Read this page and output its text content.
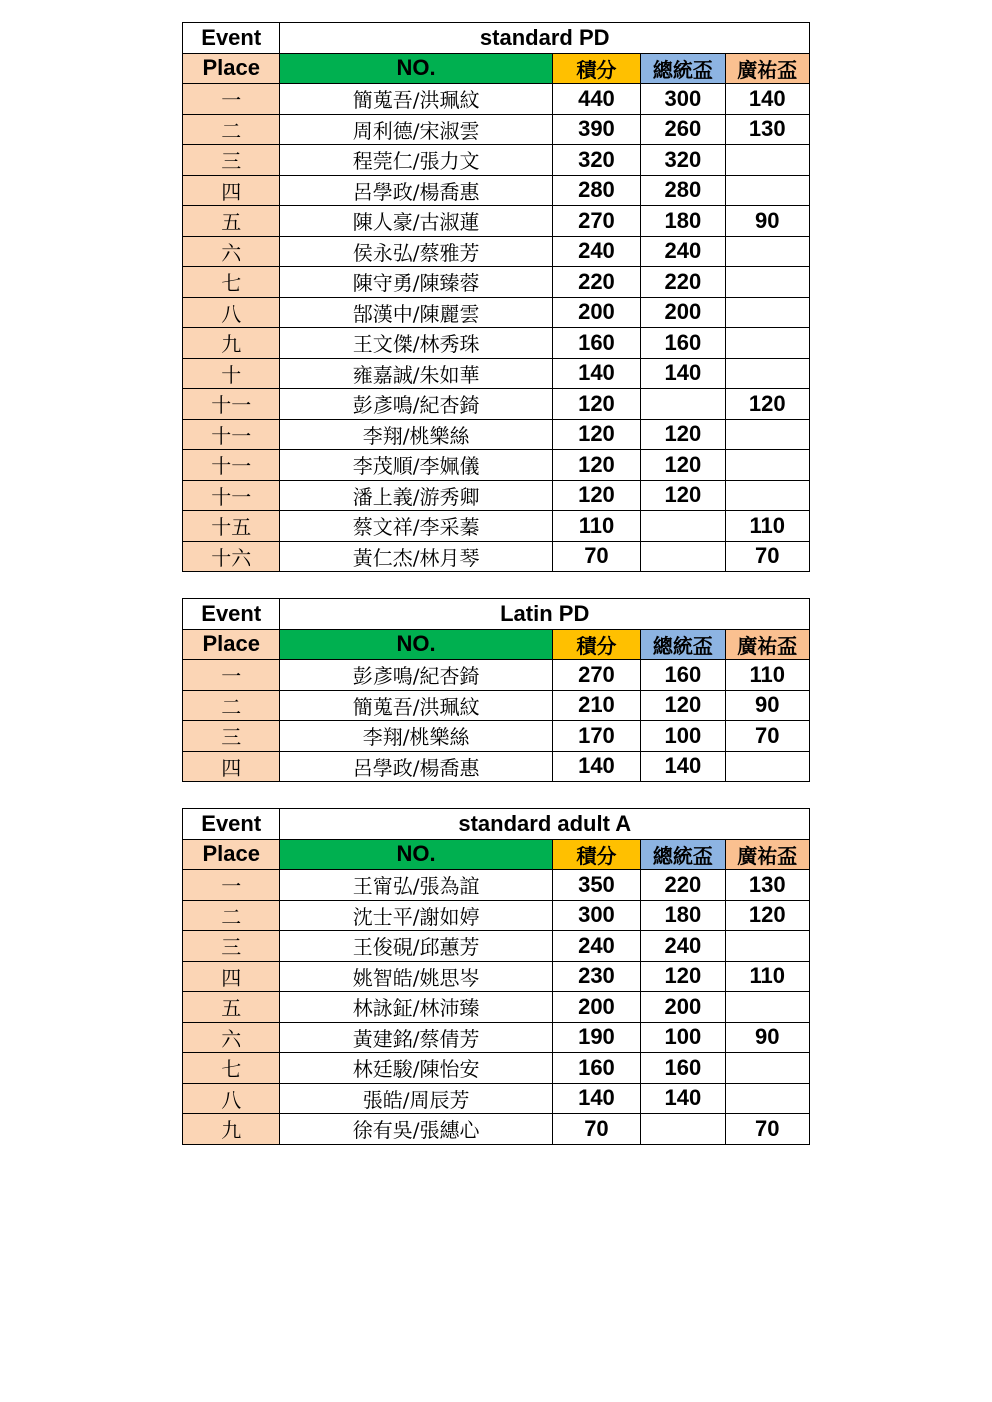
Event	standard PD			
Place	NO.	積分	總統盃	廣祐盃
一	簡蒐吾/洪珮紋	440	300	140
二	周利德/宋淑雲	390	260	130
三	程莞仁/張力文	320	320	
四	呂學政/楊喬惠	280	280	
五	陳人豪/古淑蓮	270	180	90
六	侯永弘/蔡雅芳	240	240	
七	陳守勇/陳臻蓉	220	220	
八	郜漢中/陳麗雲	200	200	
九	王文傑/林秀珠	160	160	
十	雍嘉誠/朱如華	140	140	
十一	彭彥鳴/紀杏錡	120		120
十一	李翔/桃樂絲	120	120	
十一	李茂順/李姵儀	120	120	
十一	潘上義/游秀卿	120	120	
十五	蔡文祥/李采蓁	110		110
十六	黃仁杰/林月琴	70		70
Event	Latin PD			
Place	NO.	積分	總統盃	廣祐盃
一	彭彥鳴/紀杏錡	270	160	110
二	簡蒐吾/洪珮紋	210	120	90
三	李翔/桃樂絲	170	100	70
四	呂學政/楊喬惠	140	140	
Event	standard adult A			
Place	NO.	積分	總統盃	廣祐盃
一	王甯弘/張為誼	350	220	130
二	沈士平/謝如婷	300	180	120
三	王俊硯/邱蕙芳	240	240	
四	姚智皓/姚思岑	230	120	110
五	林詠鉦/林沛臻	200	200	
六	黃建銘/蔡倩芳	190	100	90
七	林廷駿/陳怡安	160	160	
八	張皓/周辰芳	140	140	
九	徐有吳/張繐心	70		70
